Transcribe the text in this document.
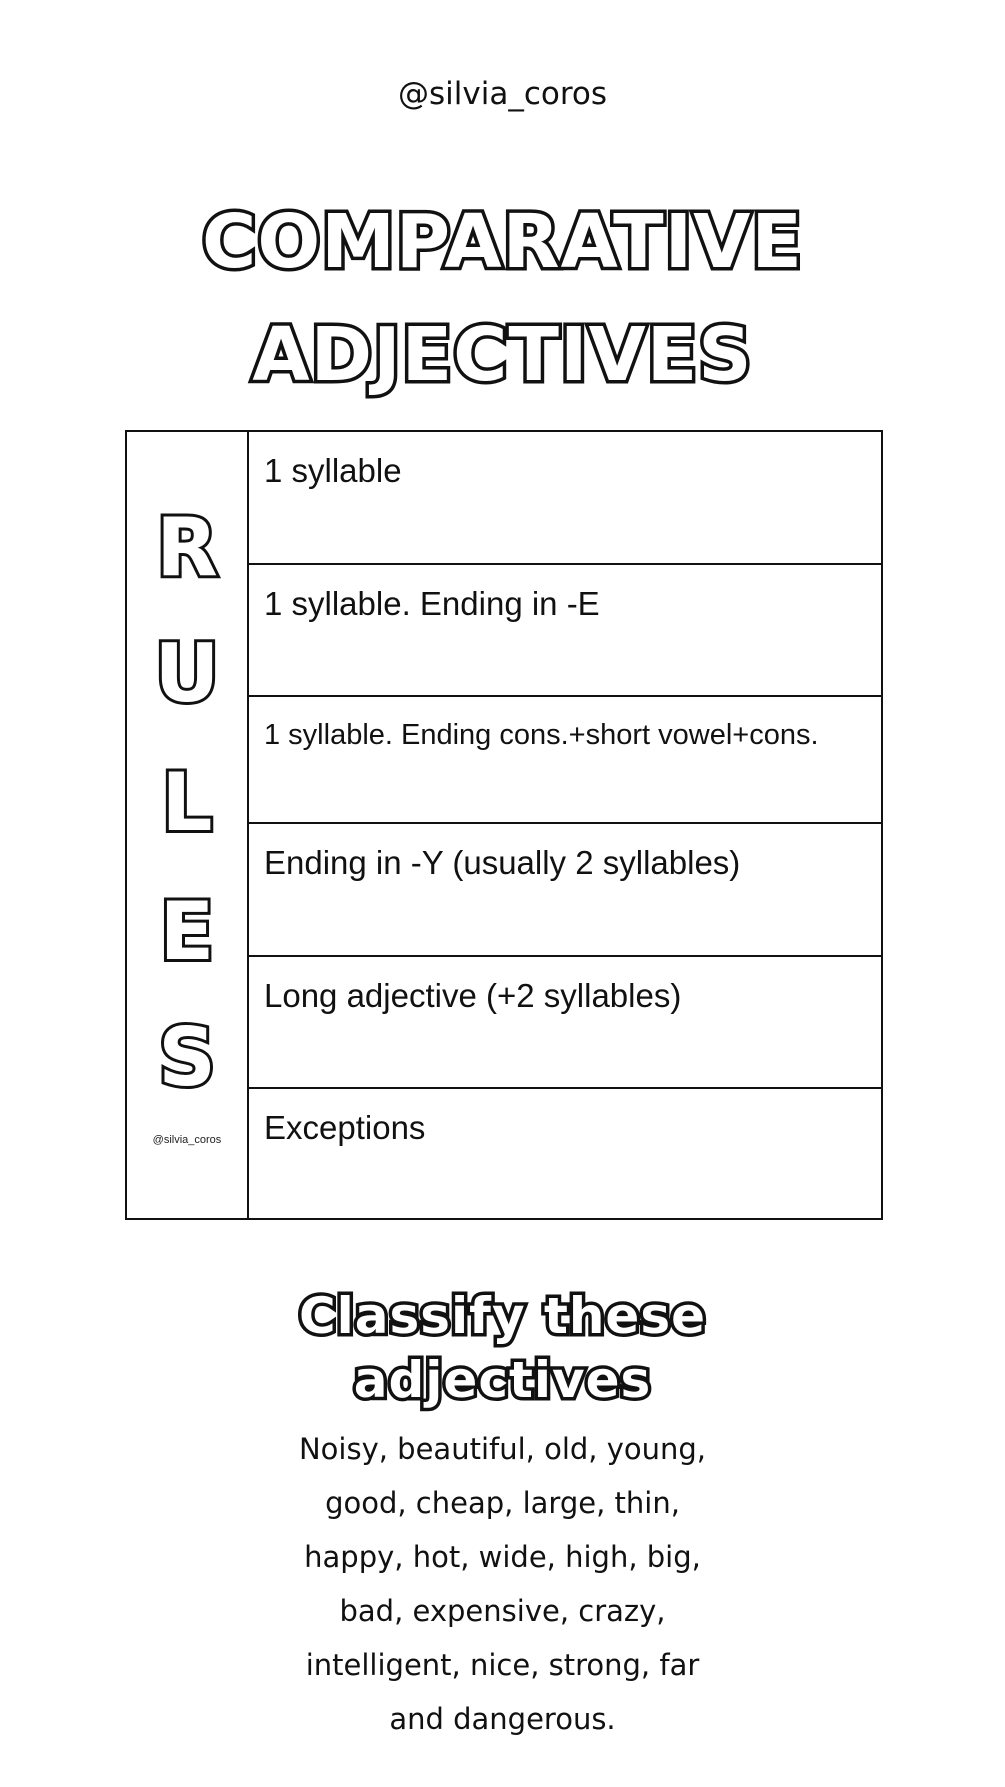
@silvia_coros
COMPARATIVE
ADJECTIVES
R
U
L
E
S
@silvia_coros
1 syllable
1 syllable. Ending in -E
1 syllable. Ending cons.+short vowel+cons.
Ending in -Y (usually 2 syllables)
Long adjective (+2 syllables)
Exceptions
Classify these
adjectives
Noisy, beautiful, old, young,
good, cheap, large, thin,
happy, hot, wide, high, big,
bad, expensive, crazy,
intelligent, nice, strong, far
and dangerous.
